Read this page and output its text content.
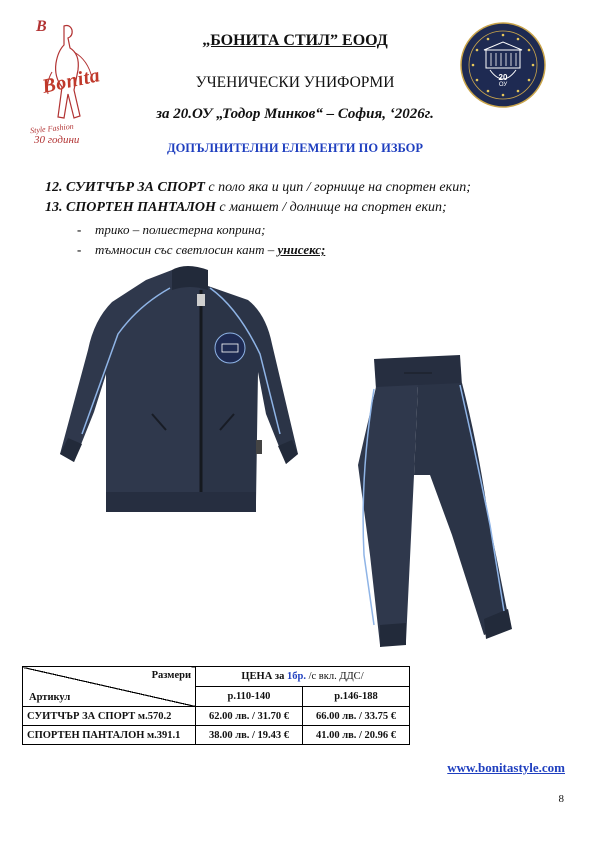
B
Bonita
Style Fashion
30 години
20
ОУ
„БОНИТА СТИЛ” ЕООД
УЧЕНИЧЕСКИ УНИФОРМИ
за 20.ОУ „Тодор Минков“ – София, ‘2026г.
ДОПЪЛНИТЕЛНИ ЕЛЕМЕНТИ ПО ИЗБОР
12. СУИТЧЪР ЗА СПОРТ с поло яка и цип / горнище на спортен екип;
13. СПОРТЕН ПАНТАЛОН с маншет / долнище на спортен екип;
- трико – полиестерна коприна;
- тъмносин със светлосин кант – унисекс;
Размери
Артикул	ЦЕНА за 1бр. /с вкл. ДДС/	
	р.110-140	р.146-188
СУИТЧЪР ЗА СПОРТ м.570.2	62.00 лв. / 31.70 €	66.00 лв. / 33.75 €
СПОРТЕН ПАНТАЛОН м.391.1	38.00 лв. / 19.43 €	41.00 лв. / 20.96 €
www.bonitastyle.com
8
